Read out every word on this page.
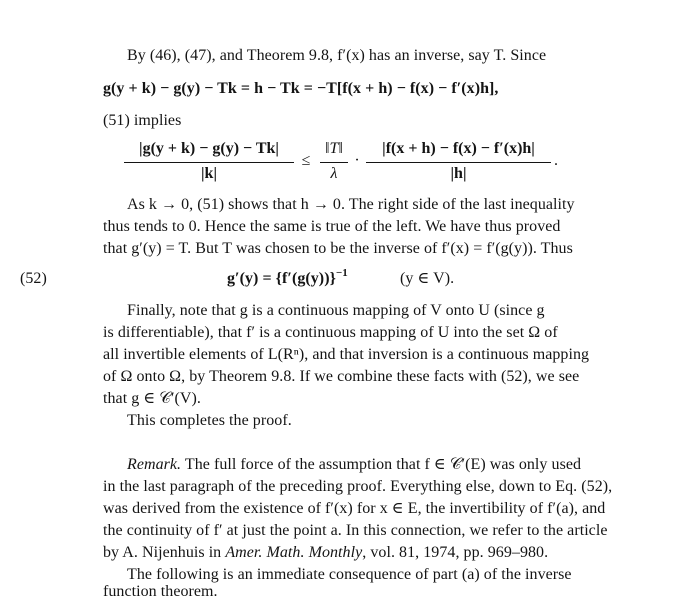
By (46), (47), and Theorem 9.8, f′(x) has an inverse, say T. Since
g(y + k) − g(y) − Tk = h − Tk = −T[f(x + h) − f(x) − f′(x)h],
(51) implies
|g(y + k) − g(y) − Tk|
|k|
≤
‖T‖
λ
·
|f(x + h) − f(x) − f′(x)h|
|h|
.
As k → 0, (51) shows that h → 0. The right side of the last inequality
thus tends to 0. Hence the same is true of the left. We have thus proved
that g′(y) = T. But T was chosen to be the inverse of f′(x) = f′(g(y)). Thus
(52)	$g'(y) = \{f'(g(y))\}^{-1}$	(y ∈ V).
Finally, note that g is a continuous mapping of V onto U (since g
is differentiable), that f′ is a continuous mapping of U into the set Ω of
all invertible elements of L(Rⁿ), and that inversion is a continuous mapping
of Ω onto Ω, by Theorem 9.8. If we combine these facts with (52), we see
that g ∈ 𝒞′(V).
This completes the proof.
Remark. The full force of the assumption that f ∈ 𝒞′(E) was only used
in the last paragraph of the preceding proof. Everything else, down to Eq. (52),
was derived from the existence of f′(x) for x ∈ E, the invertibility of f′(a), and
the continuity of f′ at just the point a. In this connection, we refer to the article
by A. Nijenhuis in Amer. Math. Monthly, vol. 81, 1974, pp. 969–980.
The following is an immediate consequence of part (a) of the inverse
function theorem.
